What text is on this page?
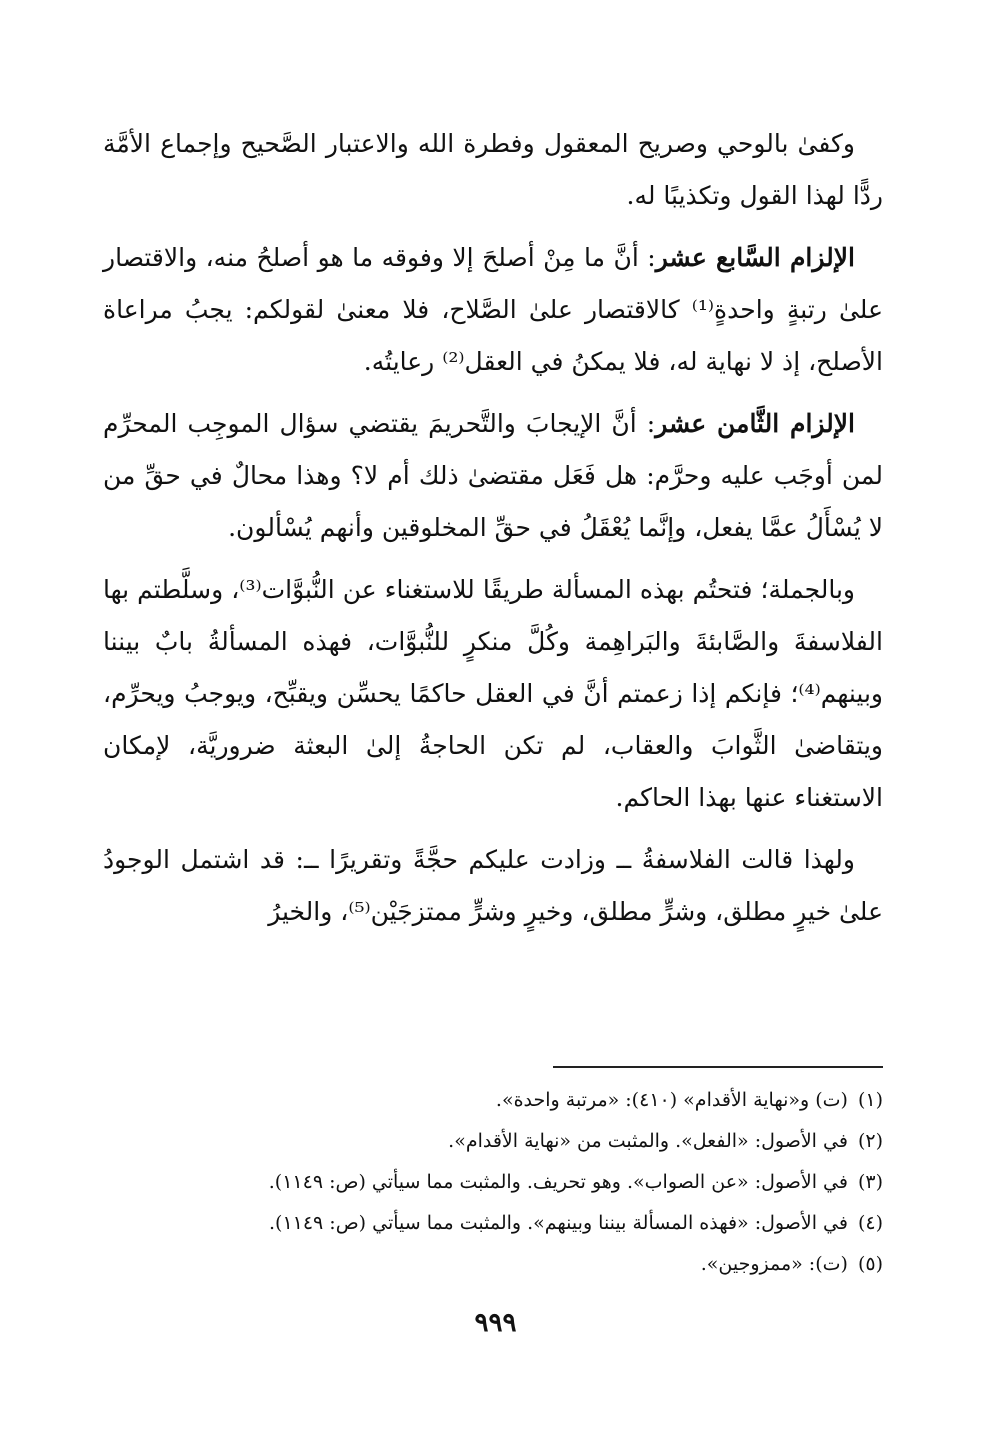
وكفىٰ بالوحي وصريح المعقول وفطرة الله والاعتبار الصَّحيح وإجماع الأمَّة ردًّا لهذا القول وتكذيبًا له.

الإلزام السَّابع عشر: أنَّ ما مِنْ أصلحَ إلا وفوقه ما هو أصلحُ منه، والاقتصار علىٰ رتبةٍ واحدةٍ⁽¹⁾ كالاقتصار علىٰ الصَّلاح، فلا معنىٰ لقولكم: يجبُ مراعاة الأصلح، إذ لا نهاية له، فلا يمكنُ في العقل⁽²⁾ رعايتُه.

الإلزام الثَّامن عشر: أنَّ الإيجابَ والتَّحريمَ يقتضي سؤال الموجِب المحرِّم لمن أوجَب عليه وحرَّم: هل فَعَل مقتضىٰ ذلك أم لا؟ وهذا محالٌ في حقِّ من لا يُسْأَلُ عمَّا يفعل، وإنَّما يُعْقَلُ في حقِّ المخلوقين وأنهم يُسْألون.

وبالجملة؛ فتحتُم بهذه المسألة طريقًا للاستغناء عن النُّبوَّات⁽³⁾، وسلَّطتم بها الفلاسفةَ والصَّابئةَ والبَراهِمة وكُلَّ منكرٍ للنُّبوَّات، فهذه المسألةُ بابٌ بيننا وبينهم⁽⁴⁾؛ فإنكم إذا زعمتم أنَّ في العقل حاكمًا يحسِّن ويقبِّح، ويوجبُ ويحرِّم، ويتقاضىٰ الثَّوابَ والعقاب، لم تكن الحاجةُ إلىٰ البعثة ضروريَّة، لإمكان الاستغناء عنها بهذا الحاكم.

ولهذا قالت الفلاسفةُ ــ وزادت عليكم حجَّةً وتقريرًا ــ: قد اشتمل الوجودُ علىٰ خيرٍ مطلق، وشرٍّ مطلق، وخيرٍ وشرٍّ ممتزجَيْن⁽⁵⁾، والخيرُ

(١)(ت) و«نهاية الأقدام» (٤١٠): «مرتبة واحدة».
(٢)في الأصول: «الفعل». والمثبت من «نهاية الأقدام».
(٣)في الأصول: «عن الصواب». وهو تحريف. والمثبت مما سيأتي (ص: ١١٤٩).
(٤)في الأصول: «فهذه المسألة بيننا وبينهم». والمثبت مما سيأتي (ص: ١١٤٩).
(٥)(ت): «ممزوجين».
٩٩٩
